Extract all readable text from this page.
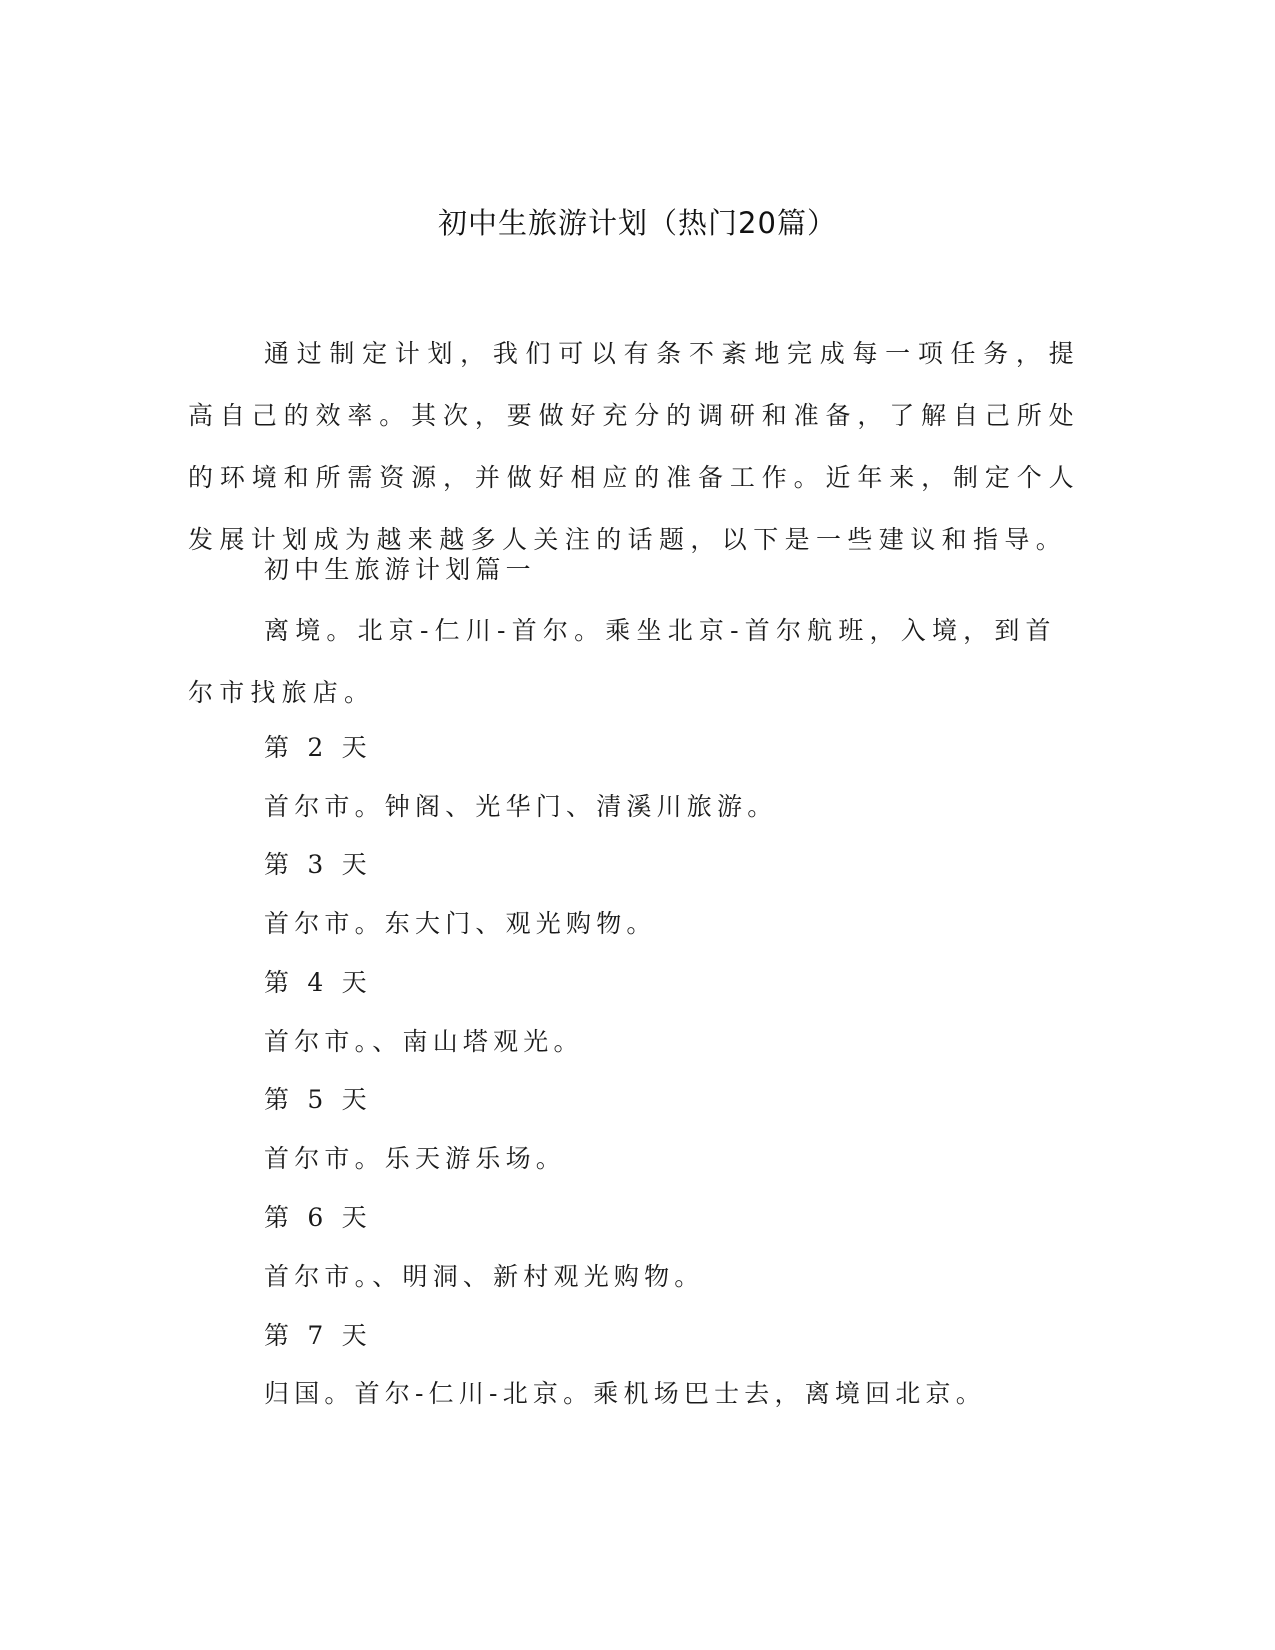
初中生旅游计划（热门20篇）

通过制定计划，我们可以有条不紊地完成每一项任务，提高自己的效率。其次，要做好充分的调研和准备，了解自己所处的环境和所需资源，并做好相应的准备工作。近年来，制定个人发展计划成为越来越多人关注的话题，以下是一些建议和指导。

初中生旅游计划篇一

离境。北京-仁川-首尔。乘坐北京-首尔航班，入境，到首尔市找旅店。

第 2 天

首尔市。钟阁、光华门、清溪川旅游。

第 3 天

首尔市。东大门、观光购物。

第 4 天

首尔市。、南山塔观光。

第 5 天

首尔市。乐天游乐场。

第 6 天

首尔市。、明洞、新村观光购物。

第 7 天

归国。首尔-仁川-北京。乘机场巴士去，离境回北京。
